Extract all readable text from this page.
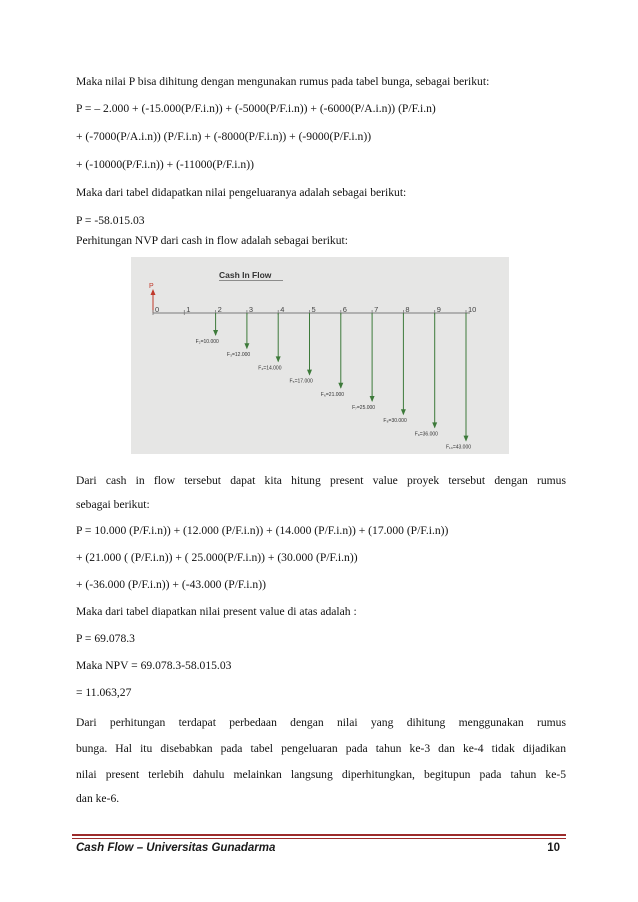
Maka nilai P bisa dihitung dengan mengunakan rumus pada tabel bunga, sebagai berikut:
P = – 2.000 + (-15.000(P/F.i.n)) + (-5000(P/F.i.n)) + (-6000(P/A.i.n)) (P/F.i.n)
+ (-7000(P/A.i.n)) (P/F.i.n) + (-8000(P/F.i.n)) + (-9000(P/F.i.n))
+ (-10000(P/F.i.n)) + (-11000(P/F.i.n))
Maka dari tabel didapatkan nilai pengeluaranya adalah sebagai berikut:
P = -58.015.03
Perhitungan NVP dari cash in flow adalah sebagai berikut:
Cash In Flow
P
0	1	2	3	4	5	6	7	8	9	10
F₂=10.000
F₃=12.000
F₄=14.000
F₅=17.000
F₆=21.000
F₇=25.000
F₈=30.000
F₉=36.000
F₁₀=43.000
Dari cash in flow tersebut dapat kita hitung present value proyek tersebut dengan rumus
sebagai berikut:
P = 10.000 (P/F.i.n)) + (12.000 (P/F.i.n)) + (14.000 (P/F.i.n)) + (17.000 (P/F.i.n))
+ (21.000 ( (P/F.i.n)) + ( 25.000(P/F.i.n)) + (30.000 (P/F.i.n))
+ (-36.000 (P/F.i.n)) + (-43.000 (P/F.i.n))
Maka dari tabel diapatkan nilai present value di atas adalah :
P = 69.078.3
Maka NPV = 69.078.3-58.015.03
= 11.063,27
Dari perhitungan terdapat perbedaan dengan nilai yang dihitung menggunakan rumus
bunga. Hal itu disebabkan pada tabel pengeluaran pada tahun ke-3 dan ke-4 tidak dijadikan
nilai present terlebih dahulu melainkan langsung diperhitungkan, begitupun pada tahun ke-5
dan ke-6.
Cash Flow – Universitas Gunadarma	10
